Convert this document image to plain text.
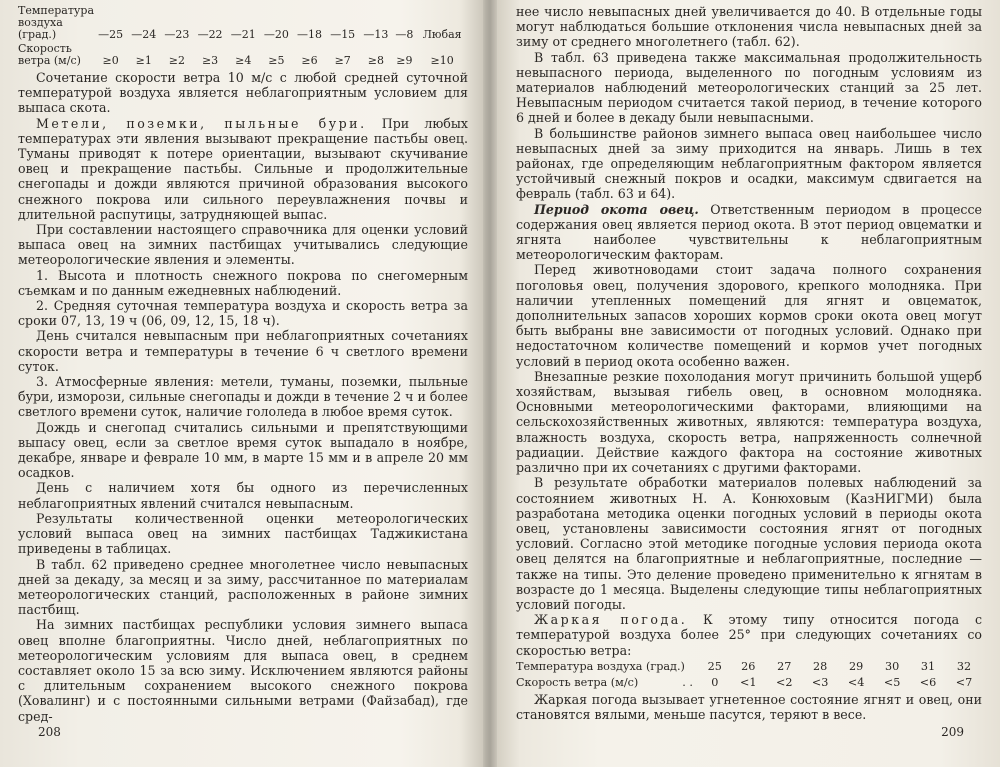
Температура воздуха (град.)	—25	—24	—23	—22	—21	—20	—18	—15	—13	—8	Любая
Скорость ветра (м/с)	≥0	≥1	≥2	≥3	≥4	≥5	≥6	≥7	≥8	≥9	≥10

Сочетание скорости ветра 10 м/с с любой средней суточной температурой воздуха является неблагоприятным условием для выпаса скота.

Метели, поземки, пыльные бури. При любых температурах эти явления вызывают прекращение пастьбы овец. Туманы приводят к потере ориентации, вызывают скучивание овец и прекращение пастьбы. Сильные и продолжительные снегопады и дожди являются причиной образования высокого снежного покрова или сильного переувлажнения почвы и длительной распутицы, затрудняющей выпас.

При составлении настоящего справочника для оценки условий выпаса овец на зимних пастбищах учитывались следующие метеорологические явления и элементы.

1. Высота и плотность снежного покрова по снегомерным съемкам и по данным ежедневных наблюдений.

2. Средняя суточная температура воздуха и скорость ветра за сроки 07, 13, 19 ч (06, 09, 12, 15, 18 ч).

День считался невыпасным при неблагоприятных сочетаниях скорости ветра и температуры в течение 6 ч светлого времени суток.

3. Атмосферные явления: метели, туманы, поземки, пыльные бури, изморози, сильные снегопады и дожди в течение 2 ч и более светлого времени суток, наличие гололеда в любое время суток.

Дождь и снегопад считались сильными и препятствующими выпасу овец, если за светлое время суток выпадало в ноябре, декабре, январе и феврале 10 мм, в марте 15 мм и в апреле 20 мм осадков.

День с наличием хотя бы одного из перечисленных неблагоприятных явлений считался невыпасным.

Результаты количественной оценки метеорологических условий выпаса овец на зимних пастбищах Таджикистана приведены в таблицах.

В табл. 62 приведено среднее многолетнее число невыпасных дней за декаду, за месяц и за зиму, рассчитанное по материалам метеорологических станций, расположенных в районе зимних пастбищ.

На зимних пастбищах республики условия зимнего выпаса овец вполне благоприятны. Число дней, неблагоприятных по метеорологическим условиям для выпаса овец, в среднем составляет около 15 за всю зиму. Исключением являются районы с длительным сохранением высокого снежного покрова (Ховалинг) и с постоянными сильными ветрами (Файзабад), где сред-

208

нее число невыпасных дней увеличивается до 40. В отдельные годы могут наблюдаться большие отклонения числа невыпасных дней за зиму от среднего многолетнего (табл. 62).

В табл. 63 приведена также максимальная продолжительность невыпасного периода, выделенного по погодным условиям из материалов наблюдений метеорологических станций за 25 лет. Невыпасным периодом считается такой период, в течение которого 6 дней и более в декаду были невыпасными.

В большинстве районов зимнего выпаса овец наибольшее число невыпасных дней за зиму приходится на январь. Лишь в тех районах, где определяющим неблагоприятным фактором является устойчивый снежный покров и осадки, максимум сдвигается на февраль (табл. 63 и 64).

Период окота овец. Ответственным периодом в процессе содержания овец является период окота. В этот период овцематки и ягнята наиболее чувствительны к неблагоприятным метеорологическим факторам.

Перед животноводами стоит задача полного сохранения поголовья овец, получения здорового, крепкого молодняка. При наличии утепленных помещений для ягнят и овцематок, дополнительных запасов хороших кормов сроки окота овец могут быть выбраны вне зависимости от погодных условий. Однако при недостаточном количестве помещений и кормов учет погодных условий в период окота особенно важен.

Внезапные резкие похолодания могут причинить большой ущерб хозяйствам, вызывая гибель овец, в основном молодняка. Основными метеорологическими факторами, влияющими на сельскохозяйственных животных, являются: температура воздуха, влажность воздуха, скорость ветра, напряженность солнечной радиации. Действие каждого фактора на состояние животных различно при их сочетаниях с другими факторами.

В результате обработки материалов полевых наблюдений за состоянием животных Н. А. Конюховым (КазНИГМИ) была разработана методика оценки погодных условий в периоды окота овец, установлены зависимости состояния ягнят от погодных условий. Согласно этой методике погодные условия периода окота овец делятся на благоприятные и неблагоприятные, последние — также на типы. Это деление проведено применительно к ягнятам в возрасте до 1 месяца. Выделены следующие типы неблагоприятных условий погоды.

Жаркая погода. К этому типу относится погода с температурой воздуха более 25° при следующих сочетаниях со скоростью ветра:

Температура воздуха (град.)		25	26	27	28	29	30	31	32
Скорость ветра (м/с)	. .	0	<1	<2	<3	<4	<5	<6	<7

Жаркая погода вызывает угнетенное состояние ягнят и овец, они становятся вялыми, меньше пасутся, теряют в весе.

209
